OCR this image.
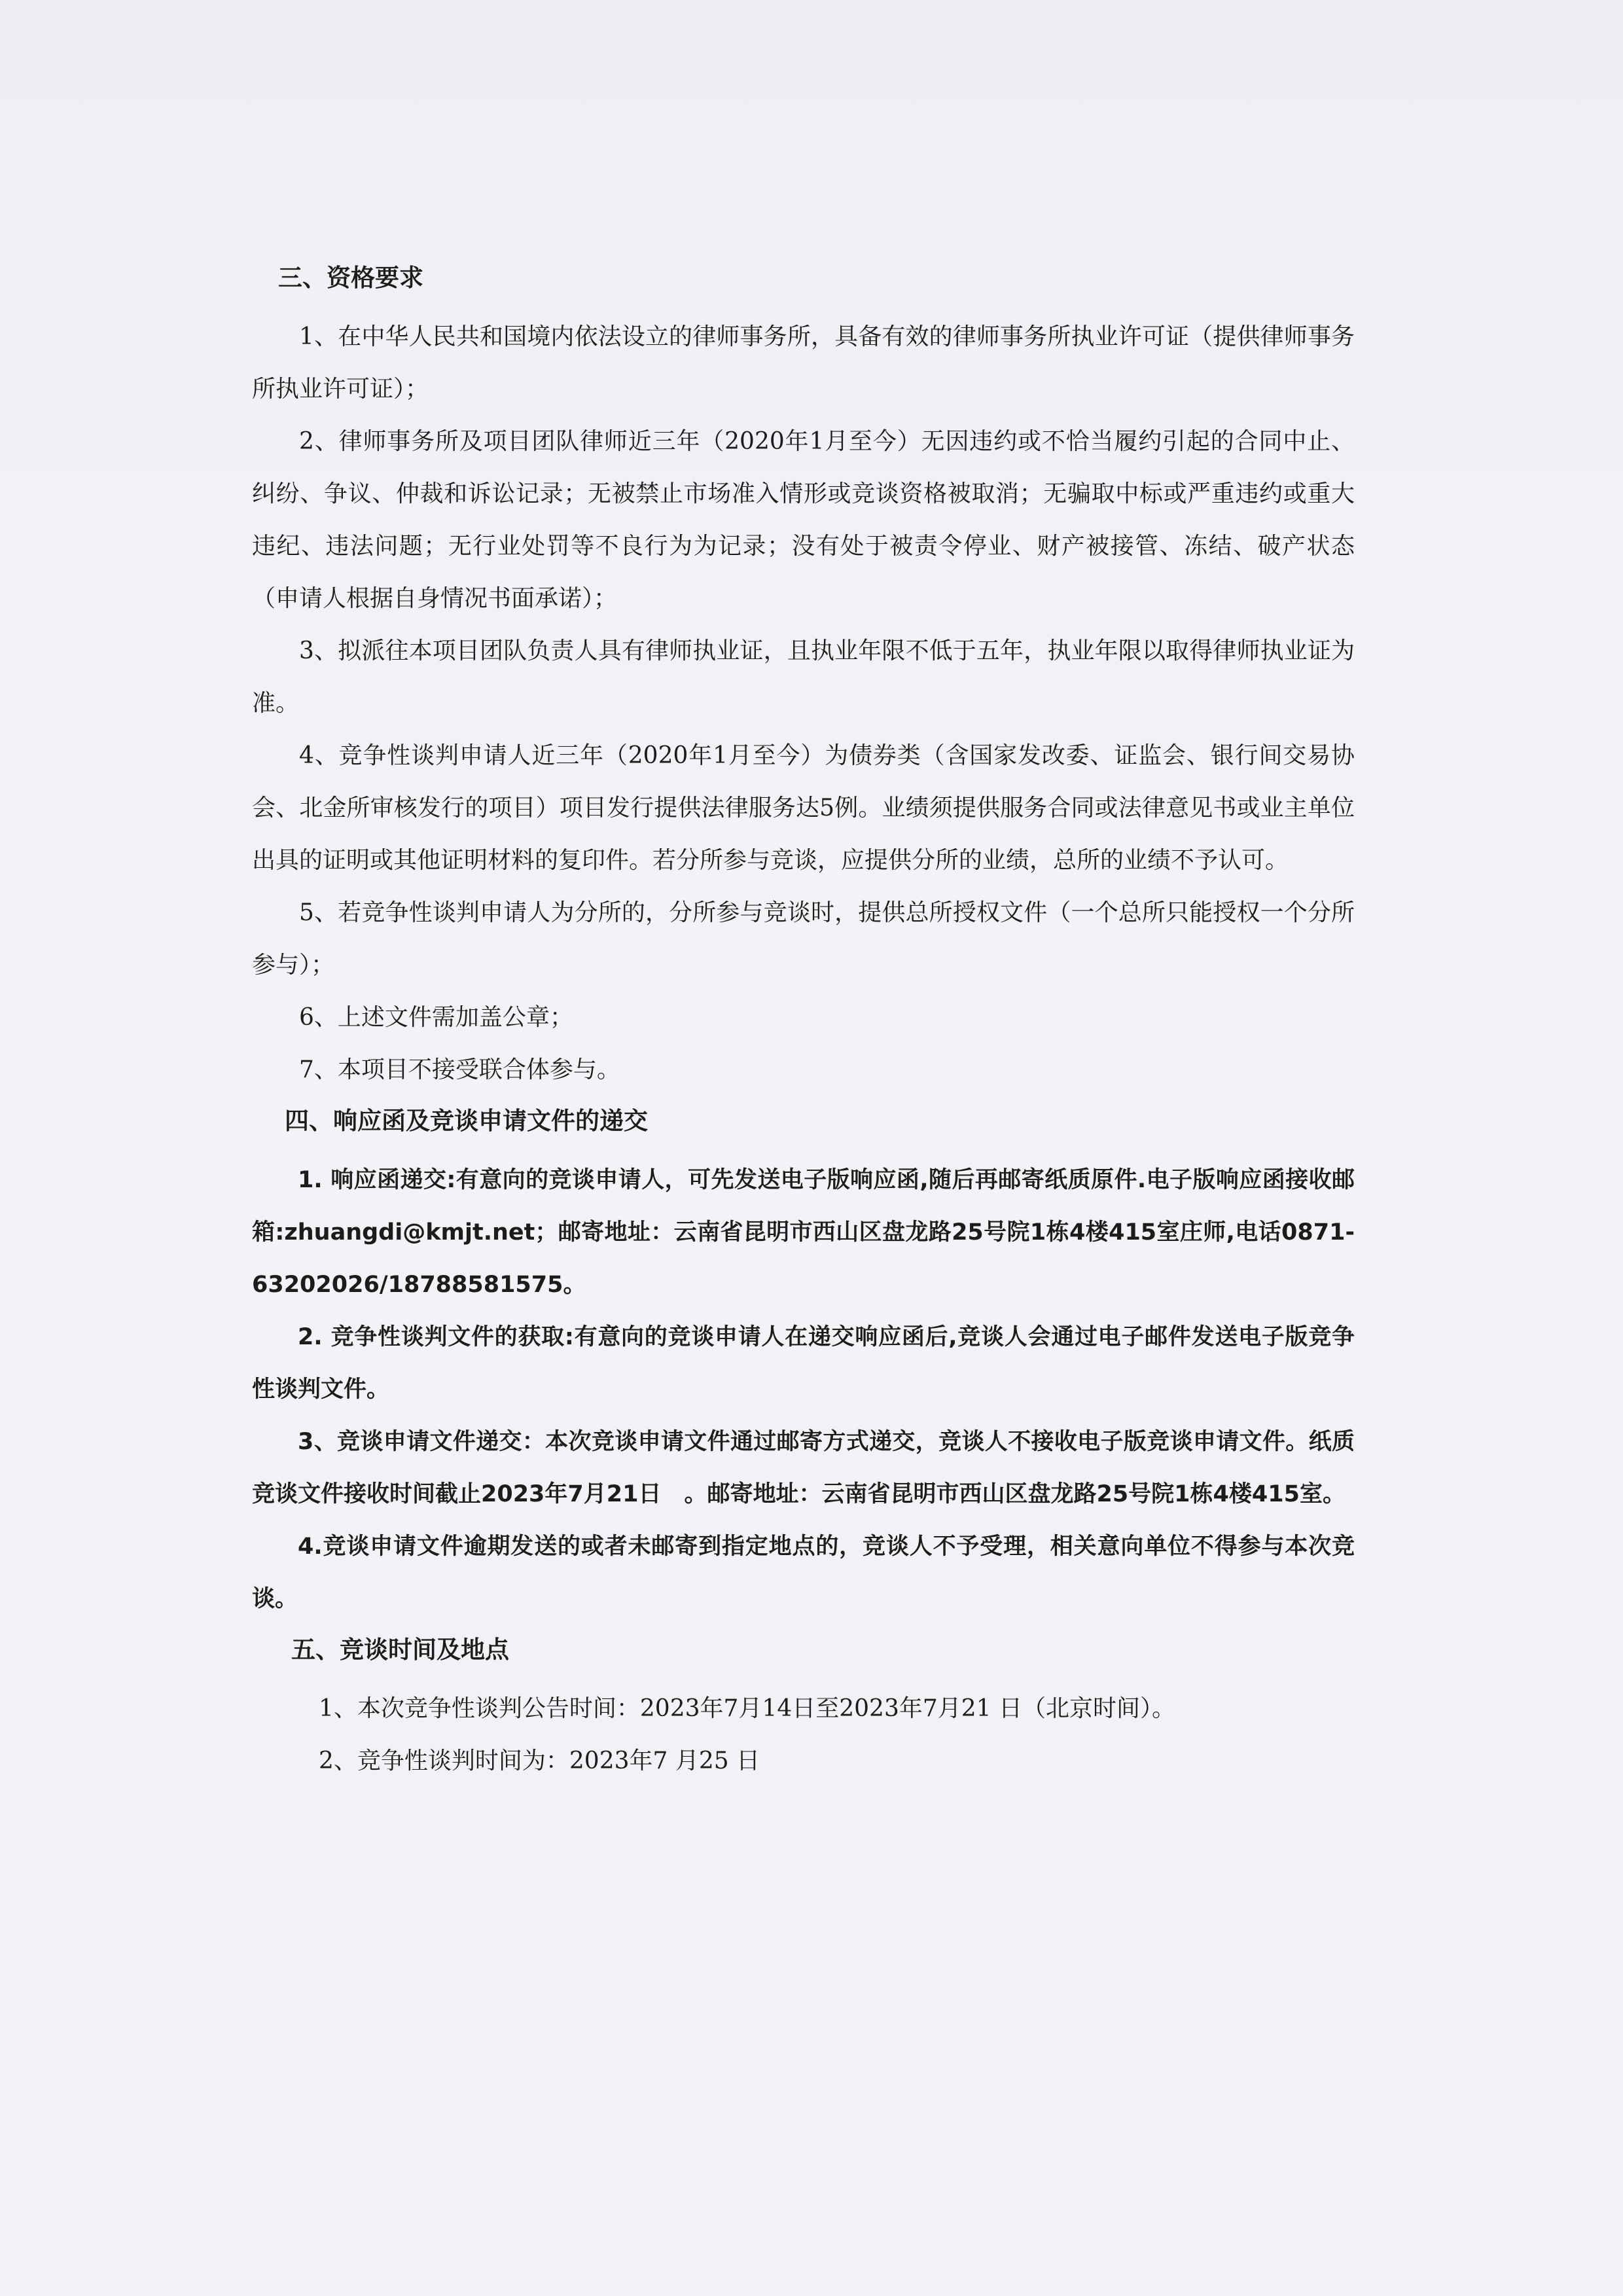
三、资格要求
1、在中华人民共和国境内依法设立的律师事务所，具备有效的律师事务所执业许可证（提供律师事务所执业许可证）；
2、律师事务所及项目团队律师近三年（2020年1月至今）无因违约或不恰当履约引起的合同中止、纠纷、争议、仲裁和诉讼记录；无被禁止市场准入情形或竞谈资格被取消；无骗取中标或严重违约或重大违纪、违法问题；无行业处罚等不良行为为记录；没有处于被责令停业、财产被接管、冻结、破产状态（申请人根据自身情况书面承诺）；
3、拟派往本项目团队负责人具有律师执业证，且执业年限不低于五年，执业年限以取得律师执业证为准。
4、竞争性谈判申请人近三年（2020年1月至今）为债券类（含国家发改委、证监会、银行间交易协会、北金所审核发行的项目）项目发行提供法律服务达5例。业绩须提供服务合同或法律意见书或业主单位出具的证明或其他证明材料的复印件。若分所参与竞谈，应提供分所的业绩，总所的业绩不予认可。
5、若竞争性谈判申请人为分所的，分所参与竞谈时，提供总所授权文件（一个总所只能授权一个分所参与）；
6、上述文件需加盖公章；
7、本项目不接受联合体参与。
四、响应函及竞谈申请文件的递交
1. 响应函递交:有意向的竞谈申请人，可先发送电子版响应函,随后再邮寄纸质原件.电子版响应函接收邮箱:zhuangdi@kmjt.net；邮寄地址：云南省昆明市西山区盘龙路25号院1栋4楼415室庄师,电话0871-63202026/18788581575。
2. 竞争性谈判文件的获取:有意向的竞谈申请人在递交响应函后,竞谈人会通过电子邮件发送电子版竞争性谈判文件。
3、竞谈申请文件递交：本次竞谈申请文件通过邮寄方式递交，竞谈人不接收电子版竞谈申请文件。纸质竞谈文件接收时间截止2023年7月21日　。邮寄地址：云南省昆明市西山区盘龙路25号院1栋4楼415室。
4.竞谈申请文件逾期发送的或者未邮寄到指定地点的，竞谈人不予受理，相关意向单位不得参与本次竞谈。
五、竞谈时间及地点
1、本次竞争性谈判公告时间：2023年7月14日至2023年7月21 日（北京时间）。
2、竞争性谈判时间为：2023年7 月25 日
